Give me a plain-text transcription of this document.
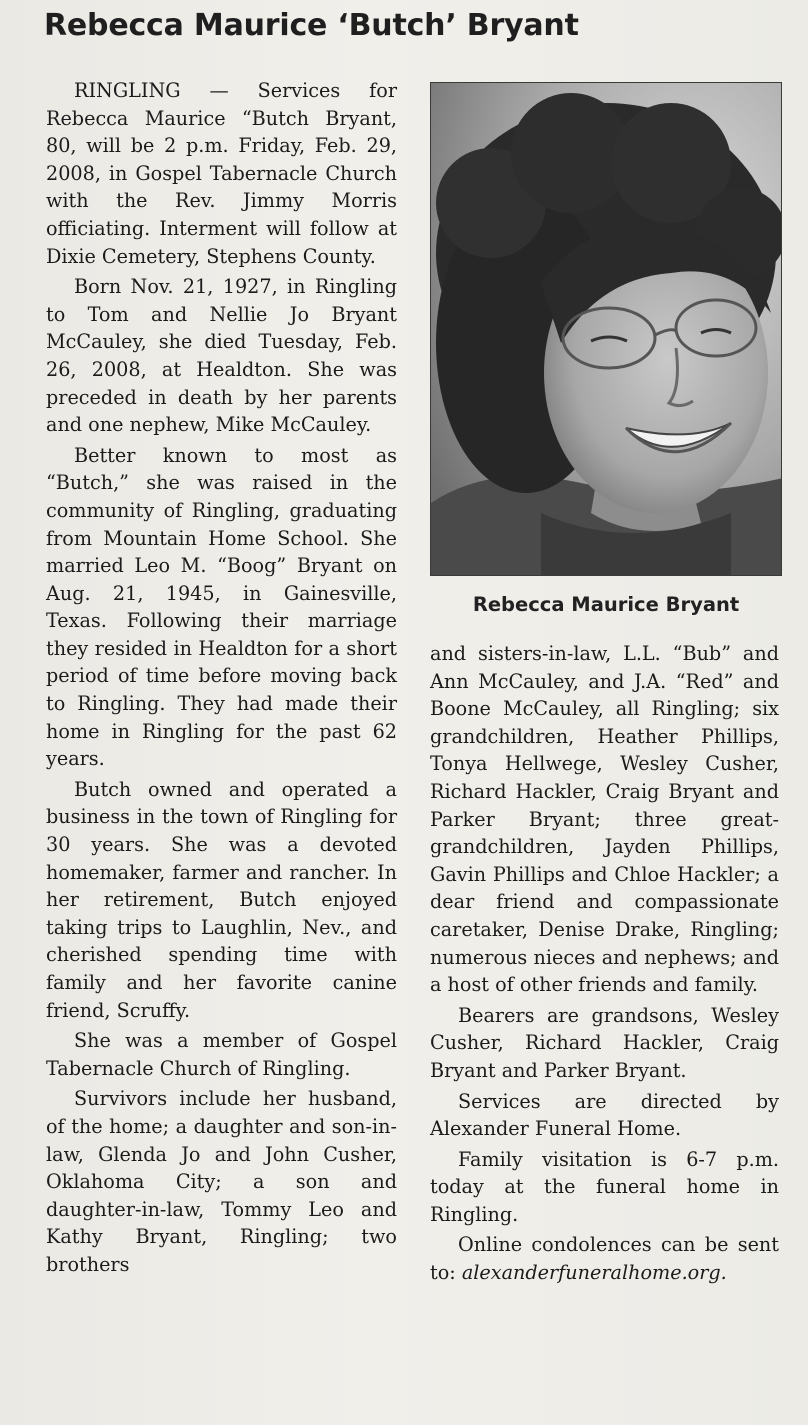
Rebecca Maurice ‘Butch’ Bryant

RINGLING — Services for Rebecca Maurice “Butch Bryant, 80, will be 2 p.m. Friday, Feb. 29, 2008, in Gospel Tabernacle Church with the Rev. Jimmy Morris officiating. Interment will follow at Dixie Cemetery, Stephens County.

Born Nov. 21, 1927, in Ringling to Tom and Nellie Jo Bryant McCauley, she died Tuesday, Feb. 26, 2008, at Healdton. She was preceded in death by her parents and one nephew, Mike McCauley.

Better known to most as “Butch,” she was raised in the community of Ringling, graduating from Mountain Home School. She married Leo M. “Boog” Bryant on Aug. 21, 1945, in Gainesville, Texas. Following their marriage they resided in Healdton for a short period of time before moving back to Ringling. They had made their home in Ringling for the past 62 years.

Butch owned and operated a business in the town of Ringling for 30 years. She was a devoted homemaker, farmer and rancher. In her retirement, Butch enjoyed taking trips to Laughlin, Nev., and cherished spending time with family and her favorite canine friend, Scruffy.

She was a member of Gospel Tabernacle Church of Ringling.

Survivors include her husband, of the home; a daughter and son-in-law, Glenda Jo and John Cusher, Oklahoma City; a son and daughter-in-law, Tommy Leo and Kathy Bryant, Ringling; two brothers

Rebecca Maurice Bryant

and sisters-in-law, L.L. “Bub” and Ann McCauley, and J.A. “Red” and Boone McCauley, all Ringling; six grandchildren, Heather Phillips, Tonya Hellwege, Wesley Cusher, Richard Hackler, Craig Bryant and Parker Bryant; three great-grandchildren, Jayden Phillips, Gavin Phillips and Chloe Hackler; a dear friend and compassionate caretaker, Denise Drake, Ringling; numerous nieces and nephews; and a host of other friends and family.

Bearers are grandsons, Wesley Cusher, Richard Hackler, Craig Bryant and Parker Bryant.

Services are directed by Alexander Funeral Home.

Family visitation is 6-7 p.m. today at the funeral home in Ringling.

Online condolences can be sent to: alexanderfuneralhome.org.
